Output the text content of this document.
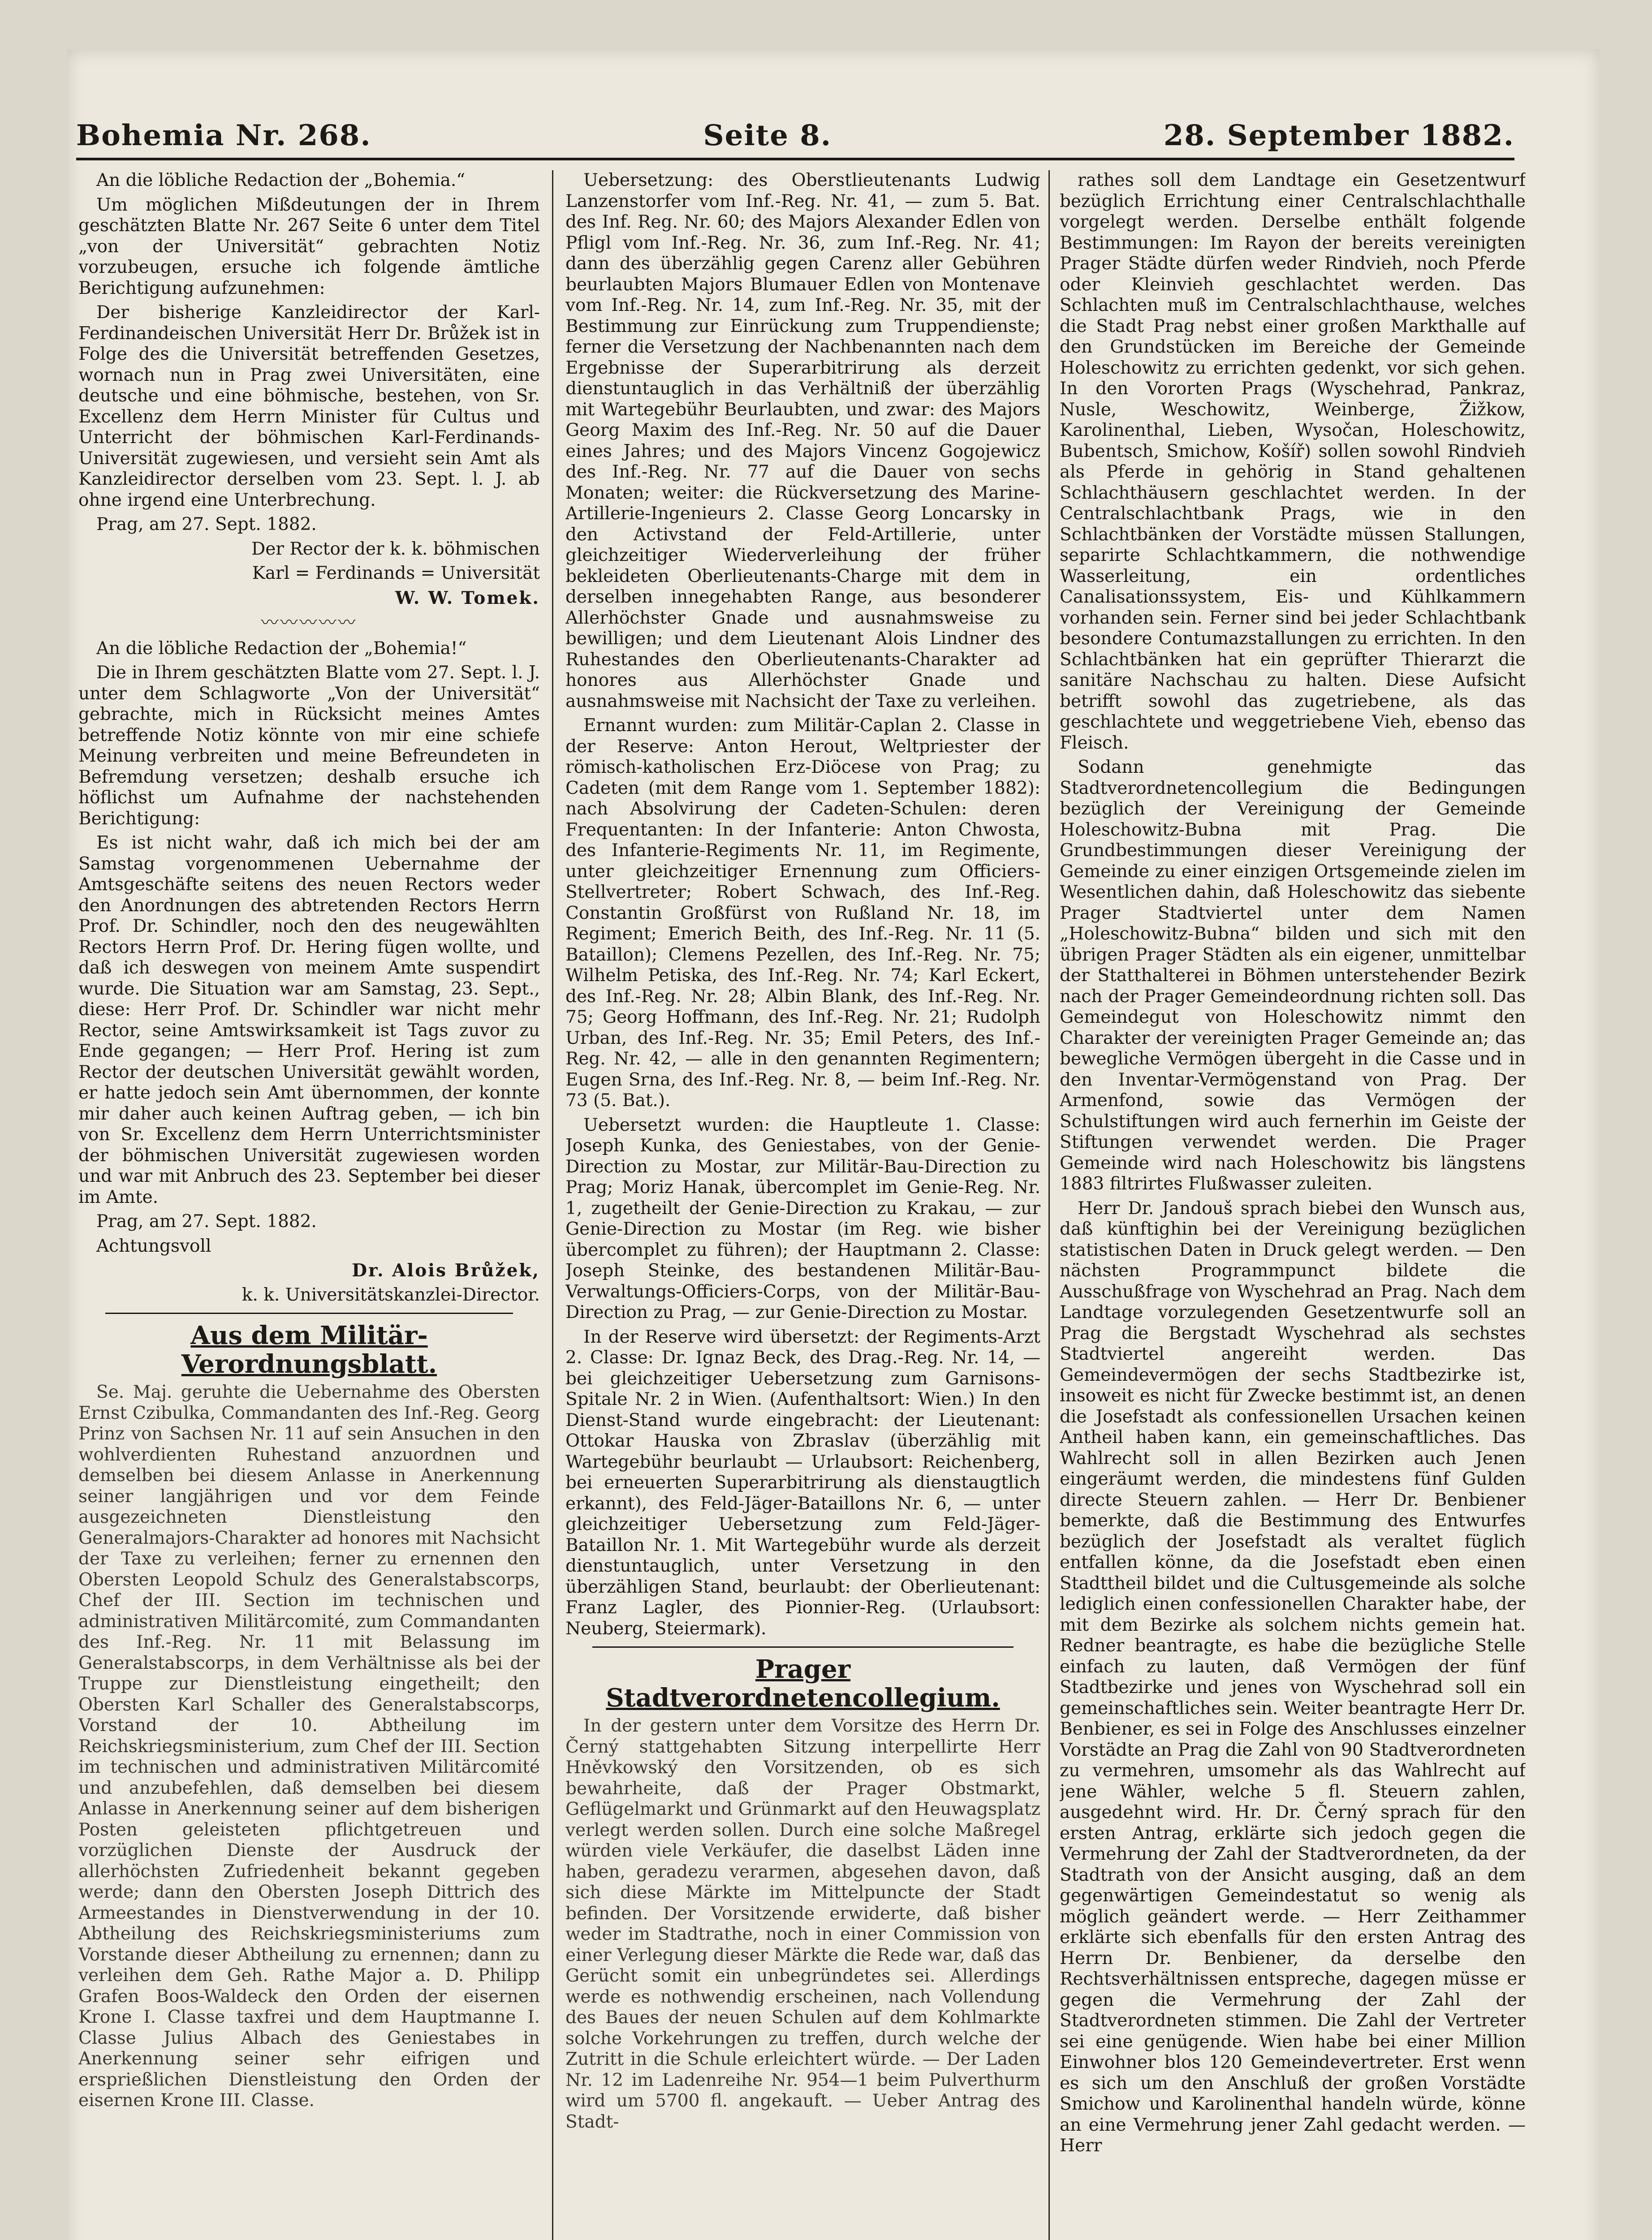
Bohemia Nr. 268.	Seite 8.	28. September 1882.

An die löbliche Redaction der „Bohemia.“

Um möglichen Mißdeutungen der in Ihrem geschätzten Blatte Nr. 267 Seite 6 unter dem Titel „von der Universität“ gebrachten Notiz vorzubeugen, ersuche ich folgende ämtliche Berichtigung aufzunehmen:

Der bisherige Kanzleidirector der Karl-Ferdinandeischen Universität Herr Dr. Brůžek ist in Folge des die Universität betreffenden Gesetzes, wornach nun in Prag zwei Universitäten, eine deutsche und eine böhmische, bestehen, von Sr. Excellenz dem Herrn Minister für Cultus und Unterricht der böhmischen Karl-Ferdinands-Universität zugewiesen, und versieht sein Amt als Kanzleidirector derselben vom 23. Sept. l. J. ab ohne irgend eine Unterbrechung.

Prag, am 27. Sept. 1882.

Der Rector der k. k. böhmischen

Karl = Ferdinands = Universität

W. W. Tomek.

〰〰〰〰〰

An die löbliche Redaction der „Bohemia!“

Die in Ihrem geschätzten Blatte vom 27. Sept. l. J. unter dem Schlagworte „Von der Universität“ gebrachte, mich in Rücksicht meines Amtes betreffende Notiz könnte von mir eine schiefe Meinung verbreiten und meine Befreundeten in Befremdung versetzen; deshalb ersuche ich höflichst um Aufnahme der nachstehenden Berichtigung:

Es ist nicht wahr, daß ich mich bei der am Samstag vorgenommenen Uebernahme der Amtsgeschäfte seitens des neuen Rectors weder den Anordnungen des abtretenden Rectors Herrn Prof. Dr. Schindler, noch den des neugewählten Rectors Herrn Prof. Dr. Hering fügen wollte, und daß ich deswegen von meinem Amte suspendirt wurde. Die Situation war am Samstag, 23. Sept., diese: Herr Prof. Dr. Schindler war nicht mehr Rector, seine Amtswirksamkeit ist Tags zuvor zu Ende gegangen; — Herr Prof. Hering ist zum Rector der deutschen Universität gewählt worden, er hatte jedoch sein Amt übernommen, der konnte mir daher auch keinen Auftrag geben, — ich bin von Sr. Excellenz dem Herrn Unterrichtsminister der böhmischen Universität zugewiesen worden und war mit Anbruch des 23. September bei dieser im Amte.

Prag, am 27. Sept. 1882.

Achtungsvoll

Dr. Alois Brůžek,

k. k. Universitätskanzlei-Director.

Aus dem Militär-Verordnungsblatt.

Se. Maj. geruhte die Uebernahme des Obersten Ernst Czibulka, Commandanten des Inf.-Reg. Georg Prinz von Sachsen Nr. 11 auf sein Ansuchen in den wohlverdienten Ruhestand anzuordnen und demselben bei diesem Anlasse in Anerkennung seiner langjährigen und vor dem Feinde ausgezeichneten Dienstleistung den Generalmajors-Charakter ad honores mit Nachsicht der Taxe zu verleihen; ferner zu ernennen den Obersten Leopold Schulz des Generalstabscorps, Chef der III. Section im technischen und administrativen Militärcomité, zum Commandanten des Inf.-Reg. Nr. 11 mit Belassung im Generalstabscorps, in dem Verhältnisse als bei der Truppe zur Dienstleistung eingetheilt; den Obersten Karl Schaller des Generalstabscorps, Vorstand der 10. Abtheilung im Reichskriegsministerium, zum Chef der III. Section im technischen und administrativen Militärcomité und anzubefehlen, daß demselben bei diesem Anlasse in Anerkennung seiner auf dem bisherigen Posten geleisteten pflichtgetreuen und vorzüglichen Dienste der Ausdruck der allerhöchsten Zufriedenheit bekannt gegeben werde; dann den Obersten Joseph Dittrich des Armeestandes in Dienstverwendung in der 10. Abtheilung des Reichskriegsministeriums zum Vorstande dieser Abtheilung zu ernennen; dann zu verleihen dem Geh. Rathe Major a. D. Philipp Grafen Boos-Waldeck den Orden der eisernen Krone I. Classe taxfrei und dem Hauptmanne I. Classe Julius Albach des Geniestabes in Anerkennung seiner sehr eifrigen und ersprießlichen Dienstleistung den Orden der eisernen Krone III. Classe.

Uebersetzung: des Oberstlieutenants Ludwig Lanzenstorfer vom Inf.-Reg. Nr. 41, — zum 5. Bat. des Inf. Reg. Nr. 60; des Majors Alexander Edlen von Pfligl vom Inf.-Reg. Nr. 36, zum Inf.-Reg. Nr. 41; dann des überzählig gegen Carenz aller Gebühren beurlaubten Majors Blumauer Edlen von Montenave vom Inf.-Reg. Nr. 14, zum Inf.-Reg. Nr. 35, mit der Bestimmung zur Einrückung zum Truppendienste; ferner die Versetzung der Nachbenannten nach dem Ergebnisse der Superarbitrirung als derzeit dienstuntauglich in das Verhältniß der überzählig mit Wartegebühr Beurlaubten, und zwar: des Majors Georg Maxim des Inf.-Reg. Nr. 50 auf die Dauer eines Jahres; und des Majors Vincenz Gogojewicz des Inf.-Reg. Nr. 77 auf die Dauer von sechs Monaten; weiter: die Rückversetzung des Marine-Artillerie-Ingenieurs 2. Classe Georg Loncarsky in den Activstand der Feld-Artillerie, unter gleichzeitiger Wiederverleihung der früher bekleideten Oberlieutenants-Charge mit dem in derselben innegehabten Range, aus besonderer Allerhöchster Gnade und ausnahmsweise zu bewilligen; und dem Lieutenant Alois Lindner des Ruhestandes den Oberlieutenants-Charakter ad honores aus Allerhöchster Gnade und ausnahmsweise mit Nachsicht der Taxe zu verleihen.

Ernannt wurden: zum Militär-Caplan 2. Classe in der Reserve: Anton Herout, Weltpriester der römisch-katholischen Erz-Diöcese von Prag; zu Cadeten (mit dem Range vom 1. September 1882): nach Absolvirung der Cadeten-Schulen: deren Frequentanten: In der Infanterie: Anton Chwosta, des Infanterie-Regiments Nr. 11, im Regimente, unter gleichzeitiger Ernennung zum Officiers-Stellvertreter; Robert Schwach, des Inf.-Reg. Constantin Großfürst von Rußland Nr. 18, im Regiment; Emerich Beith, des Inf.-Reg. Nr. 11 (5. Bataillon); Clemens Pezellen, des Inf.-Reg. Nr. 75; Wilhelm Petiska, des Inf.-Reg. Nr. 74; Karl Eckert, des Inf.-Reg. Nr. 28; Albin Blank, des Inf.-Reg. Nr. 75; Georg Hoffmann, des Inf.-Reg. Nr. 21; Rudolph Urban, des Inf.-Reg. Nr. 35; Emil Peters, des Inf.-Reg. Nr. 42, — alle in den genannten Regimentern; Eugen Srna, des Inf.-Reg. Nr. 8, — beim Inf.-Reg. Nr. 73 (5. Bat.).

Uebersetzt wurden: die Hauptleute 1. Classe: Joseph Kunka, des Geniestabes, von der Genie-Direction zu Mostar, zur Militär-Bau-Direction zu Prag; Moriz Hanak, übercomplet im Genie-Reg. Nr. 1, zugetheilt der Genie-Direction zu Krakau, — zur Genie-Direction zu Mostar (im Reg. wie bisher übercomplet zu führen); der Hauptmann 2. Classe: Joseph Steinke, des bestandenen Militär-Bau-Verwaltungs-Officiers-Corps, von der Militär-Bau-Direction zu Prag, — zur Genie-Direction zu Mostar.

In der Reserve wird übersetzt: der Regiments-Arzt 2. Classe: Dr. Ignaz Beck, des Drag.-Reg. Nr. 14, — bei gleichzeitiger Uebersetzung zum Garnisons-Spitale Nr. 2 in Wien. (Aufenthaltsort: Wien.) In den Dienst-Stand wurde eingebracht: der Lieutenant: Ottokar Hauska von Zbraslav (überzählig mit Wartegebühr beurlaubt — Urlaubsort: Reichenberg, bei erneuerten Superarbitrirung als dienstaugtlich erkannt), des Feld-Jäger-Bataillons Nr. 6, — unter gleichzeitiger Uebersetzung zum Feld-Jäger-Bataillon Nr. 1. Mit Wartegebühr wurde als derzeit dienstuntauglich, unter Versetzung in den überzähligen Stand, beurlaubt: der Oberlieutenant: Franz Lagler, des Pionnier-Reg. (Urlaubsort: Neuberg, Steiermark).

Prager Stadtverordnetencollegium.

In der gestern unter dem Vorsitze des Herrn Dr. Černý stattgehabten Sitzung interpellirte Herr Hněvkowský den Vorsitzenden, ob es sich bewahrheite, daß der Prager Obstmarkt, Geflügelmarkt und Grünmarkt auf den Heuwagsplatz verlegt werden sollen. Durch eine solche Maßregel würden viele Verkäufer, die daselbst Läden inne haben, geradezu verarmen, abgesehen davon, daß sich diese Märkte im Mittelpuncte der Stadt befinden. Der Vorsitzende erwiderte, daß bisher weder im Stadtrathe, noch in einer Commission von einer Verlegung dieser Märkte die Rede war, daß das Gerücht somit ein unbegründetes sei. Allerdings werde es nothwendig erscheinen, nach Vollendung des Baues der neuen Schulen auf dem Kohlmarkte solche Vorkehrungen zu treffen, durch welche der Zutritt in die Schule erleichtert würde. — Der Laden Nr. 12 im Ladenreihe Nr. 954—1 beim Pulverthurm wird um 5700 fl. angekauft. — Ueber Antrag des Stadt-

rathes soll dem Landtage ein Gesetzentwurf bezüglich Errichtung einer Centralschlachthalle vorgelegt werden. Derselbe enthält folgende Bestimmungen: Im Rayon der bereits vereinigten Prager Städte dürfen weder Rindvieh, noch Pferde oder Kleinvieh geschlachtet werden. Das Schlachten muß im Centralschlachthause, welches die Stadt Prag nebst einer großen Markthalle auf den Grundstücken im Bereiche der Gemeinde Holeschowitz zu errichten gedenkt, vor sich gehen. In den Vororten Prags (Wyschehrad, Pankraz, Nusle, Weschowitz, Weinberge, Žižkow, Karolinenthal, Lieben, Wysočan, Holeschowitz, Bubentsch, Smichow, Košíř) sollen sowohl Rindvieh als Pferde in gehörig in Stand gehaltenen Schlachthäusern geschlachtet werden. In der Centralschlachtbank Prags, wie in den Schlachtbänken der Vorstädte müssen Stallungen, separirte Schlachtkammern, die nothwendige Wasserleitung, ein ordentliches Canalisationssystem, Eis- und Kühlkammern vorhanden sein. Ferner sind bei jeder Schlachtbank besondere Contumazstallungen zu errichten. In den Schlachtbänken hat ein geprüfter Thierarzt die sanitäre Nachschau zu halten. Diese Aufsicht betrifft sowohl das zugetriebene, als das geschlachtete und weggetriebene Vieh, ebenso das Fleisch.

Sodann genehmigte das Stadtverordnetencollegium die Bedingungen bezüglich der Vereinigung der Gemeinde Holeschowitz-Bubna mit Prag. Die Grundbestimmungen dieser Vereinigung der Gemeinde zu einer einzigen Ortsgemeinde zielen im Wesentlichen dahin, daß Holeschowitz das siebente Prager Stadtviertel unter dem Namen „Holeschowitz-Bubna“ bilden und sich mit den übrigen Prager Städten als ein eigener, unmittelbar der Statthalterei in Böhmen unterstehender Bezirk nach der Prager Gemeindeordnung richten soll. Das Gemeindegut von Holeschowitz nimmt den Charakter der vereinigten Prager Gemeinde an; das bewegliche Vermögen übergeht in die Casse und in den Inventar-Vermögenstand von Prag. Der Armenfond, sowie das Vermögen der Schulstiftungen wird auch fernerhin im Geiste der Stiftungen verwendet werden. Die Prager Gemeinde wird nach Holeschowitz bis längstens 1883 filtrirtes Flußwasser zuleiten.

Herr Dr. Jandouš sprach biebei den Wunsch aus, daß künftighin bei der Vereinigung bezüglichen statistischen Daten in Druck gelegt werden. — Den nächsten Programmpunct bildete die Ausschußfrage von Wyschehrad an Prag. Nach dem Landtage vorzulegenden Gesetzentwurfe soll an Prag die Bergstadt Wyschehrad als sechstes Stadtviertel angereiht werden. Das Gemeindevermögen der sechs Stadtbezirke ist, insoweit es nicht für Zwecke bestimmt ist, an denen die Josefstadt als confessionellen Ursachen keinen Antheil haben kann, ein gemeinschaftliches. Das Wahlrecht soll in allen Bezirken auch Jenen eingeräumt werden, die mindestens fünf Gulden directe Steuern zahlen. — Herr Dr. Benbiener bemerkte, daß die Bestimmung des Entwurfes bezüglich der Josefstadt als veraltet füglich entfallen könne, da die Josefstadt eben einen Stadttheil bildet und die Cultusgemeinde als solche lediglich einen confessionellen Charakter habe, der mit dem Bezirke als solchem nichts gemein hat. Redner beantragte, es habe die bezügliche Stelle einfach zu lauten, daß Vermögen der fünf Stadtbezirke und jenes von Wyschehrad soll ein gemeinschaftliches sein. Weiter beantragte Herr Dr. Benbiener, es sei in Folge des Anschlusses einzelner Vorstädte an Prag die Zahl von 90 Stadtverordneten zu vermehren, umsomehr als das Wahlrecht auf jene Wähler, welche 5 fl. Steuern zahlen, ausgedehnt wird. Hr. Dr. Černý sprach für den ersten Antrag, erklärte sich jedoch gegen die Vermehrung der Zahl der Stadtverordneten, da der Stadtrath von der Ansicht ausging, daß an dem gegenwärtigen Gemeindestatut so wenig als möglich geändert werde. — Herr Zeithammer erklärte sich ebenfalls für den ersten Antrag des Herrn Dr. Benbiener, da derselbe den Rechtsverhältnissen entspreche, dagegen müsse er gegen die Vermehrung der Zahl der Stadtverordneten stimmen. Die Zahl der Vertreter sei eine genügende. Wien habe bei einer Million Einwohner blos 120 Gemeindevertreter. Erst wenn es sich um den Anschluß der großen Vorstädte Smichow und Karolinenthal handeln würde, könne an eine Vermehrung jener Zahl gedacht werden. — Herr
